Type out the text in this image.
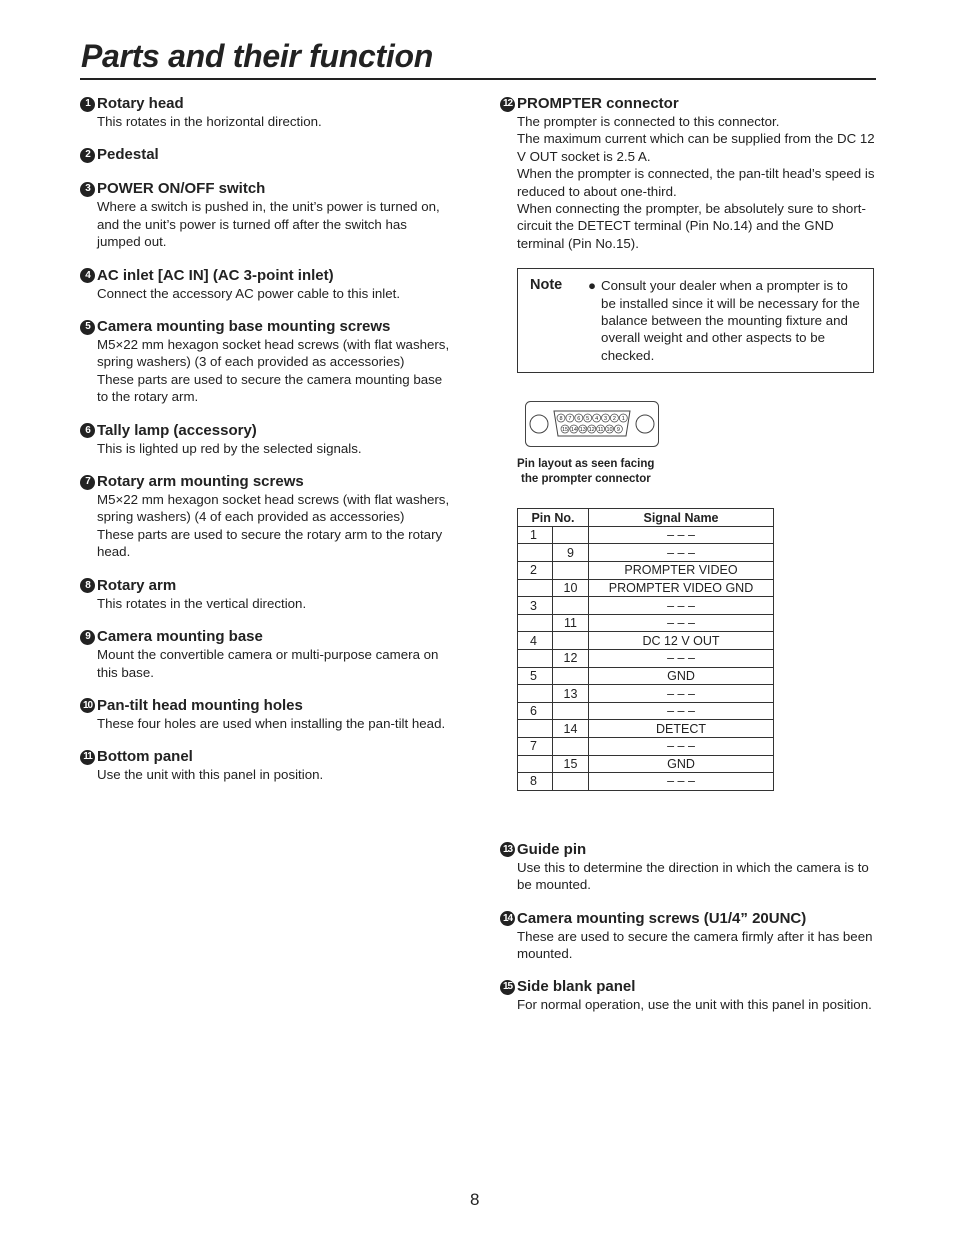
Parts and their function
1 Rotary head

This rotates in the horizontal direction.

2 Pedestal
3 POWER ON/OFF switch

Where a switch is pushed in, the unit’s power is turned on, and the unit’s power is turned off after the switch has jumped out.

4 AC inlet [AC IN] (AC 3-point inlet)

Connect the accessory AC power cable to this inlet.

5 Camera mounting base mounting screws

M5×22 mm hexagon socket head screws (with flat washers, spring washers) (3 of each provided as accessories)

These parts are used to secure the camera mounting base to the rotary arm.

6 Tally lamp (accessory)

This is lighted up red by the selected signals.

7 Rotary arm mounting screws

M5×22 mm hexagon socket head screws (with flat washers, spring washers) (4 of each provided as accessories)

These parts are used to secure the rotary arm to the rotary head.

8 Rotary arm

This rotates in the vertical direction.

9 Camera mounting base

Mount the convertible camera or multi-purpose camera on this base.

10 Pan-tilt head mounting holes

These four holes are used when installing the pan-tilt head.

11 Bottom panel

Use the unit with this panel in position.

12 PROMPTER connector

The prompter is connected to this connector.

The maximum current which can be supplied from the DC 12 V OUT socket is 2.5 A.

When the prompter is connected, the pan-tilt head’s speed is reduced to about one-third.

When connecting the prompter, be absolutely sure to short-circuit the DETECT terminal (Pin No.14) and the GND terminal (Pin No.15).

Note	● Consult your dealer when a prompter is to be installed since it will be necessary for the balance between the mounting fixture and overall weight and other aspects to be checked.
8 7 6 5 4 3 2 1
15 14 13 12 11 10 9
Pin layout as seen facing
the prompter connector
Pin No.		Signal Name
1		– – –
	9	– – –
2		PROMPTER VIDEO
	10	PROMPTER VIDEO GND
3		– – –
	11	– – –
4		DC 12 V OUT
	12	– – –
5		GND
	13	– – –
6		– – –
	14	DETECT
7		– – –
	15	GND
8		– – –
13 Guide pin

Use this to determine the direction in which the camera is to be mounted.

14 Camera mounting screws (U1/4” 20UNC)

These are used to secure the camera firmly after it has been mounted.

15 Side blank panel

For normal operation, use the unit with this panel in position.

8
